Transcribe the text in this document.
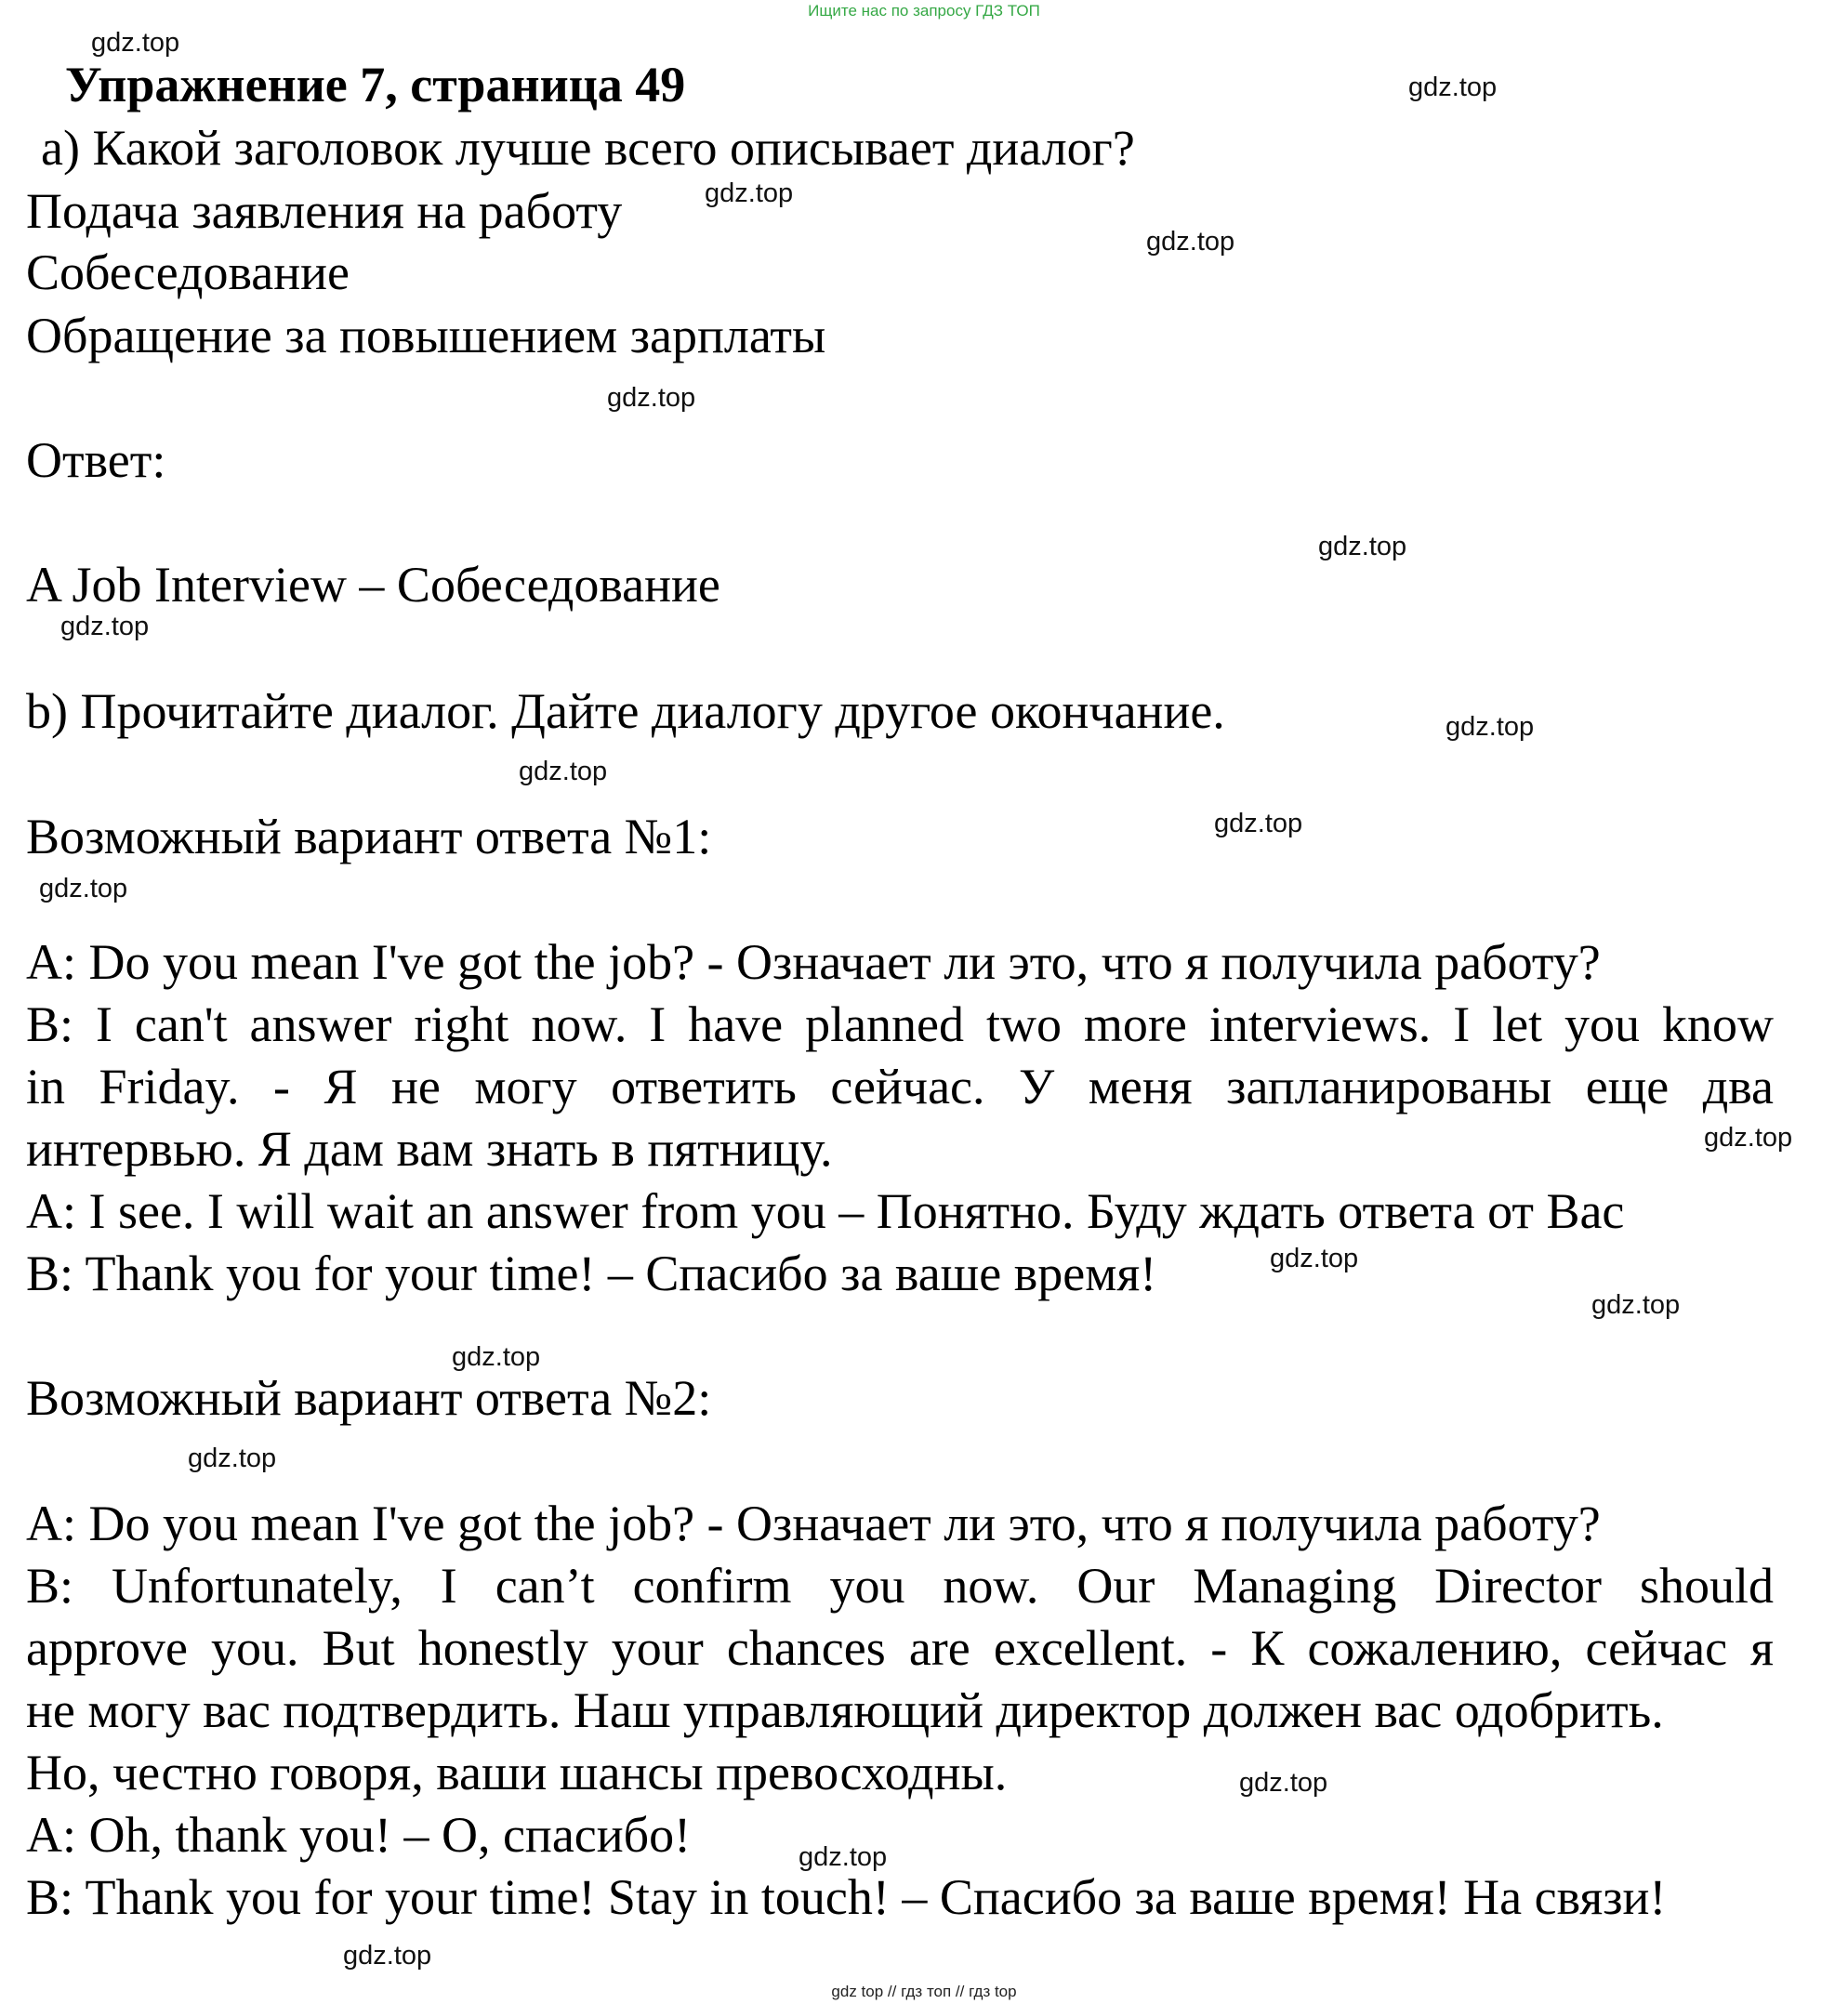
Ищите нас по запросу ГДЗ ТОП
gdz.top
gdz.top
gdz.top
gdz.top
gdz.top
gdz.top
gdz.top
gdz.top
gdz.top
gdz.top
gdz.top
gdz.top
gdz.top
gdz.top
gdz.top
gdz.top
gdz.top
gdz.top
gdz.top
Упражнение 7, страница 49
a) Какой заголовок лучше всего описывает диалог?
Подача заявления на работу
Собеседование
Обращение за повышением зарплаты
Ответ:
A Job Interview – Собеседование
b) Прочитайте диалог. Дайте диалогу другое окончание.
Возможный вариант ответа №1:
A: Do you mean I've got the job? - Означает ли это, что я получила работу?
B: I can't answer right now. I have planned two more interviews. I let you know
in Friday. - Я не могу ответить сейчас. У меня запланированы еще два
интервью. Я дам вам знать в пятницу.
A: I see. I will wait an answer from you – Понятно. Буду ждать ответа от Вас
B: Thank you for your time! – Спасибо за ваше время!
Возможный вариант ответа №2:
A: Do you mean I've got the job? - Означает ли это, что я получила работу?
B: Unfortunately, I can’t confirm you now. Our Managing Director should
approve you. But honestly your chances are excellent. - К сожалению, сейчас я
не могу вас подтвердить. Наш управляющий директор должен вас одобрить.
Но, честно говоря, ваши шансы превосходны.
A: Oh, thank you! – О, спасибо!
B: Thank you for your time! Stay in touch! – Спасибо за ваше время! На связи!
gdz top // гдз топ // гдз top
